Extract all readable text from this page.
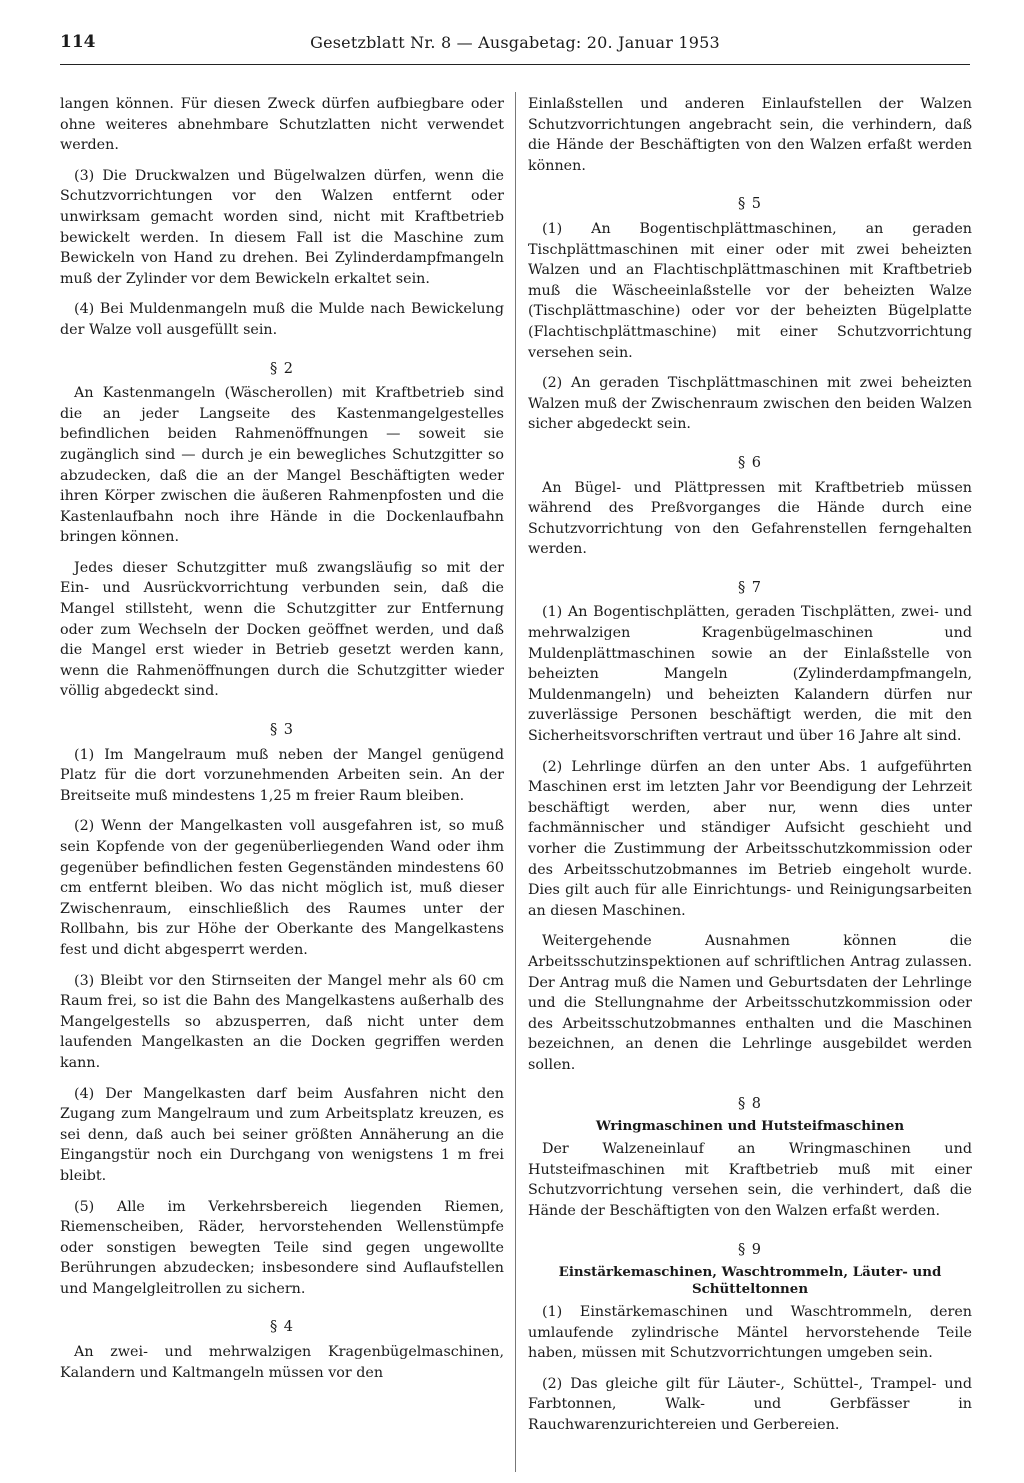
114	Gesetzblatt Nr. 8 — Ausgabetag: 20. Januar 1953

langen können. Für diesen Zweck dürfen aufbiegbare oder ohne weiteres abnehmbare Schutzlatten nicht verwendet werden.

(3) Die Druckwalzen und Bügelwalzen dürfen, wenn die Schutzvorrichtungen vor den Walzen entfernt oder unwirksam gemacht worden sind, nicht mit Kraftbetrieb bewickelt werden. In diesem Fall ist die Maschine zum Bewickeln von Hand zu drehen. Bei Zylinderdampfmangeln muß der Zylinder vor dem Bewickeln erkaltet sein.

(4) Bei Muldenmangeln muß die Mulde nach Bewickelung der Walze voll ausgefüllt sein.

§ 2

An Kastenmangeln (Wäscherollen) mit Kraftbetrieb sind die an jeder Langseite des Kastenmangelgestelles befindlichen beiden Rahmenöffnungen — soweit sie zugänglich sind — durch je ein bewegliches Schutzgitter so abzudecken, daß die an der Mangel Beschäftigten weder ihren Körper zwischen die äußeren Rahmenpfosten und die Kastenlaufbahn noch ihre Hände in die Dockenlaufbahn bringen können.

Jedes dieser Schutzgitter muß zwangsläufig so mit der Ein- und Ausrückvorrichtung verbunden sein, daß die Mangel stillsteht, wenn die Schutzgitter zur Entfernung oder zum Wechseln der Docken geöffnet werden, und daß die Mangel erst wieder in Betrieb gesetzt werden kann, wenn die Rahmenöffnungen durch die Schutzgitter wieder völlig abgedeckt sind.

§ 3

(1) Im Mangelraum muß neben der Mangel genügend Platz für die dort vorzunehmenden Arbeiten sein. An der Breitseite muß mindestens 1,25 m freier Raum bleiben.

(2) Wenn der Mangelkasten voll ausgefahren ist, so muß sein Kopfende von der gegenüberliegenden Wand oder ihm gegenüber befindlichen festen Gegenständen mindestens 60 cm entfernt bleiben. Wo das nicht möglich ist, muß dieser Zwischenraum, einschließlich des Raumes unter der Rollbahn, bis zur Höhe der Oberkante des Mangelkastens fest und dicht abgesperrt werden.

(3) Bleibt vor den Stirnseiten der Mangel mehr als 60 cm Raum frei, so ist die Bahn des Mangelkastens außerhalb des Mangelgestells so abzusperren, daß nicht unter dem laufenden Mangelkasten an die Docken gegriffen werden kann.

(4) Der Mangelkasten darf beim Ausfahren nicht den Zugang zum Mangelraum und zum Arbeitsplatz kreuzen, es sei denn, daß auch bei seiner größten Annäherung an die Eingangstür noch ein Durchgang von wenigstens 1 m frei bleibt.

(5) Alle im Verkehrsbereich liegenden Riemen, Riemenscheiben, Räder, hervorstehenden Wellenstümpfe oder sonstigen bewegten Teile sind gegen ungewollte Berührungen abzudecken; insbesondere sind Auflaufstellen und Mangelgleitrollen zu sichern.

§ 4

An zwei- und mehrwalzigen Kragenbügelmaschinen, Kalandern und Kaltmangeln müssen vor den

Einlaßstellen und anderen Einlaufstellen der Walzen Schutzvorrichtungen angebracht sein, die verhindern, daß die Hände der Beschäftigten von den Walzen erfaßt werden können.

§ 5

(1) An Bogentischplättmaschinen, an geraden Tischplättmaschinen mit einer oder mit zwei beheizten Walzen und an Flachtischplättmaschinen mit Kraftbetrieb muß die Wäscheeinlaßstelle vor der beheizten Walze (Tischplättmaschine) oder vor der beheizten Bügelplatte (Flachtischplättmaschine) mit einer Schutzvorrichtung versehen sein.

(2) An geraden Tischplättmaschinen mit zwei beheizten Walzen muß der Zwischenraum zwischen den beiden Walzen sicher abgedeckt sein.

§ 6

An Bügel- und Plättpressen mit Kraftbetrieb müssen während des Preßvorganges die Hände durch eine Schutzvorrichtung von den Gefahrenstellen ferngehalten werden.

§ 7

(1) An Bogentischplätten, geraden Tischplätten, zwei- und mehrwalzigen Kragenbügelmaschinen und Muldenplättmaschinen sowie an der Einlaßstelle von beheizten Mangeln (Zylinderdampfmangeln, Muldenmangeln) und beheizten Kalandern dürfen nur zuverlässige Personen beschäftigt werden, die mit den Sicherheitsvorschriften vertraut und über 16 Jahre alt sind.

(2) Lehrlinge dürfen an den unter Abs. 1 aufgeführten Maschinen erst im letzten Jahr vor Beendigung der Lehrzeit beschäftigt werden, aber nur, wenn dies unter fachmännischer und ständiger Aufsicht geschieht und vorher die Zustimmung der Arbeitsschutzkommission oder des Arbeitsschutzobmannes im Betrieb eingeholt wurde. Dies gilt auch für alle Einrichtungs- und Reinigungsarbeiten an diesen Maschinen.

Weitergehende Ausnahmen können die Arbeitsschutzinspektionen auf schriftlichen Antrag zulassen. Der Antrag muß die Namen und Geburtsdaten der Lehrlinge und die Stellungnahme der Arbeitsschutzkommission oder des Arbeitsschutzobmannes enthalten und die Maschinen bezeichnen, an denen die Lehrlinge ausgebildet werden sollen.

§ 8
Wringmaschinen und Hutsteifmaschinen

Der Walzeneinlauf an Wringmaschinen und Hutsteifmaschinen mit Kraftbetrieb muß mit einer Schutzvorrichtung versehen sein, die verhindert, daß die Hände der Beschäftigten von den Walzen erfaßt werden.

§ 9
Einstärkemaschinen, Waschtrommeln, Läuter- und Schütteltonnen

(1) Einstärkemaschinen und Waschtrommeln, deren umlaufende zylindrische Mäntel hervorstehende Teile haben, müssen mit Schutzvorrichtungen umgeben sein.

(2) Das gleiche gilt für Läuter-, Schüttel-, Trampel- und Farbtonnen, Walk- und Gerbfässer in Rauchwarenzurichtereien und Gerbereien.
